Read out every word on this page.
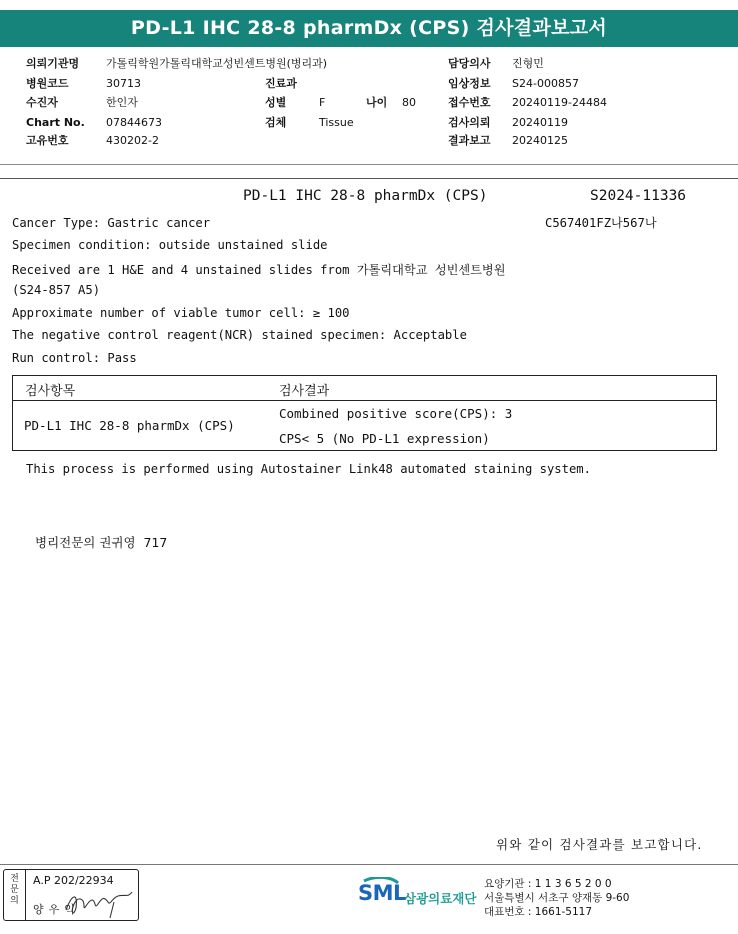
PD-L1 IHC 28-8 pharmDx (CPS) 검사결과보고서
의뢰기관명 가톨릭학원가톨릭대학교성빈센트병원(병리과)
병원코드	30713
수진자	한인자
Chart No. 07844673
고유번호	430202-2
진료과
성별	F	나이 80
검체	Tissue
담당의사 진형민
임상정보 S24-000857
접수번호 20240119-24484
검사의뢰 20240119
결과보고 20240125
PD-L1 IHC 28-8 pharmDx (CPS)	S2024-11336
C567401FZ나567나
Cancer Type: Gastric cancer
Specimen condition: outside unstained slide
Received are 1 H&E and 4 unstained slides from 가톨릭대학교 성빈센트병원
(S24-857 A5)
Approximate number of viable tumor cell: ≥ 100
The negative control reagent(NCR) stained specimen: Acceptable
Run control: Pass
검사항목	검사결과
PD-L1 IHC 28-8 pharmDx (CPS)
Combined positive score(CPS): 3
CPS< 5 (No PD-L1 expression)
This process is performed using Autostainer Link48 automated staining system.
병리전문의 권귀영  717
위와 같이 검사결과를 보고합니다.
전문의
A.P 202/22934
양우익
SML
삼광의료재단
요양기관 : 1 1 3 6 5 2 0 0
서울특별시 서초구 양재동 9-60
대표번호 : 1661-5117
